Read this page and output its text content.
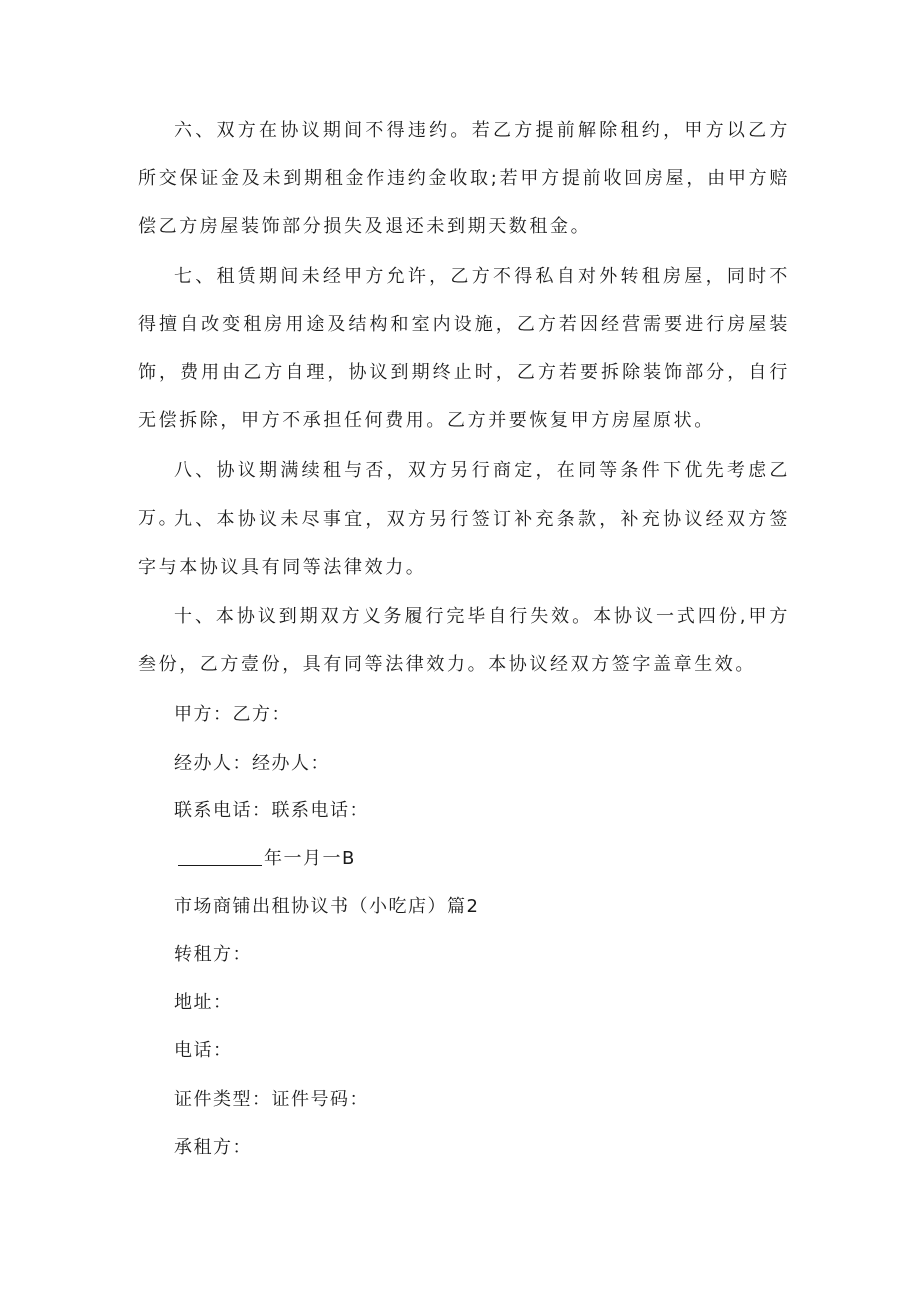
六、双方在协议期间不得违约。若乙方提前解除租约，甲方以乙方所交保证金及未到期租金作违约金收取;若甲方提前收回房屋，由甲方赔偿乙方房屋装饰部分损失及退还未到期天数租金。

七、租赁期间未经甲方允许，乙方不得私自对外转租房屋，同时不得擅自改变租房用途及结构和室内设施，乙方若因经营需要进行房屋装饰，费用由乙方自理，协议到期终止时，乙方若要拆除装饰部分，自行无偿拆除，甲方不承担任何费用。乙方并要恢复甲方房屋原状。

八、协议期满续租与否，双方另行商定，在同等条件下优先考虑乙万。

九、本协议未尽事宜，双方另行签订补充条款，补充协议经双方签字与本协议具有同等法律效力。

十、本协议到期双方义务履行完毕自行失效。本协议一式四份,甲方叁份，乙方壹份，具有同等法律效力。本协议经双方签字盖章生效。

甲方：乙方：

经办人：经办人：

联系电话：联系电话：

年一月一B

市场商铺出租协议书（小吃店）篇2

转租方：

地址：

电话：

证件类型：证件号码：

承租方：
